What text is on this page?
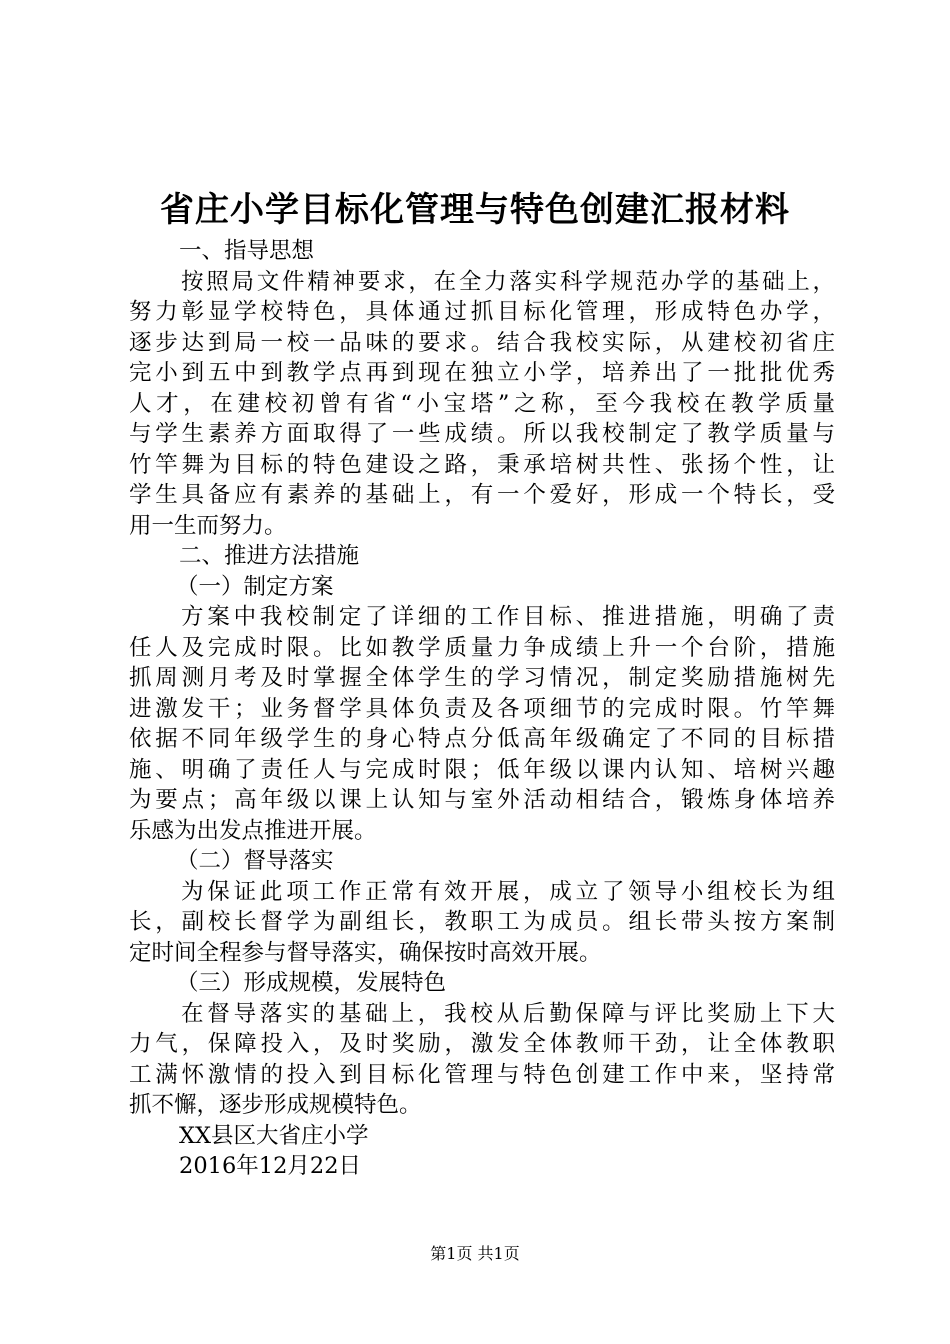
省庄小学目标化管理与特色创建汇报材料

一、指导思想

按照局文件精神要求，在全力落实科学规范办学的基础上，

努力彰显学校特色，具体通过抓目标化管理，形成特色办学，

逐步达到局一校一品味的要求。结合我校实际，从建校初省庄

完小到五中到教学点再到现在独立小学，培养出了一批批优秀

人才，在建校初曾有省“小宝塔”之称，至今我校在教学质量

与学生素养方面取得了一些成绩。所以我校制定了教学质量与

竹竿舞为目标的特色建设之路，秉承培树共性、张扬个性，让

学生具备应有素养的基础上，有一个爱好，形成一个特长，受

用一生而努力。

二、推进方法措施

（一）制定方案

方案中我校制定了详细的工作目标、推进措施，明确了责

任人及完成时限。比如教学质量力争成绩上升一个台阶，措施

抓周测月考及时掌握全体学生的学习情况，制定奖励措施树先

进激发干；业务督学具体负责及各项细节的完成时限。竹竿舞

依据不同年级学生的身心特点分低高年级确定了不同的目标措

施、明确了责任人与完成时限；低年级以课内认知、培树兴趣

为要点；高年级以课上认知与室外活动相结合，锻炼身体培养

乐感为出发点推进开展。

（二）督导落实

为保证此项工作正常有效开展，成立了领导小组校长为组

长，副校长督学为副组长，教职工为成员。组长带头按方案制

定时间全程参与督导落实，确保按时高效开展。

（三）形成规模，发展特色

在督导落实的基础上，我校从后勤保障与评比奖励上下大

力气，保障投入，及时奖励，激发全体教师干劲，让全体教职

工满怀激情的投入到目标化管理与特色创建工作中来，坚持常

抓不懈，逐步形成规模特色。

XX县区大省庄小学

2016年12月22日

第1页 共1页
